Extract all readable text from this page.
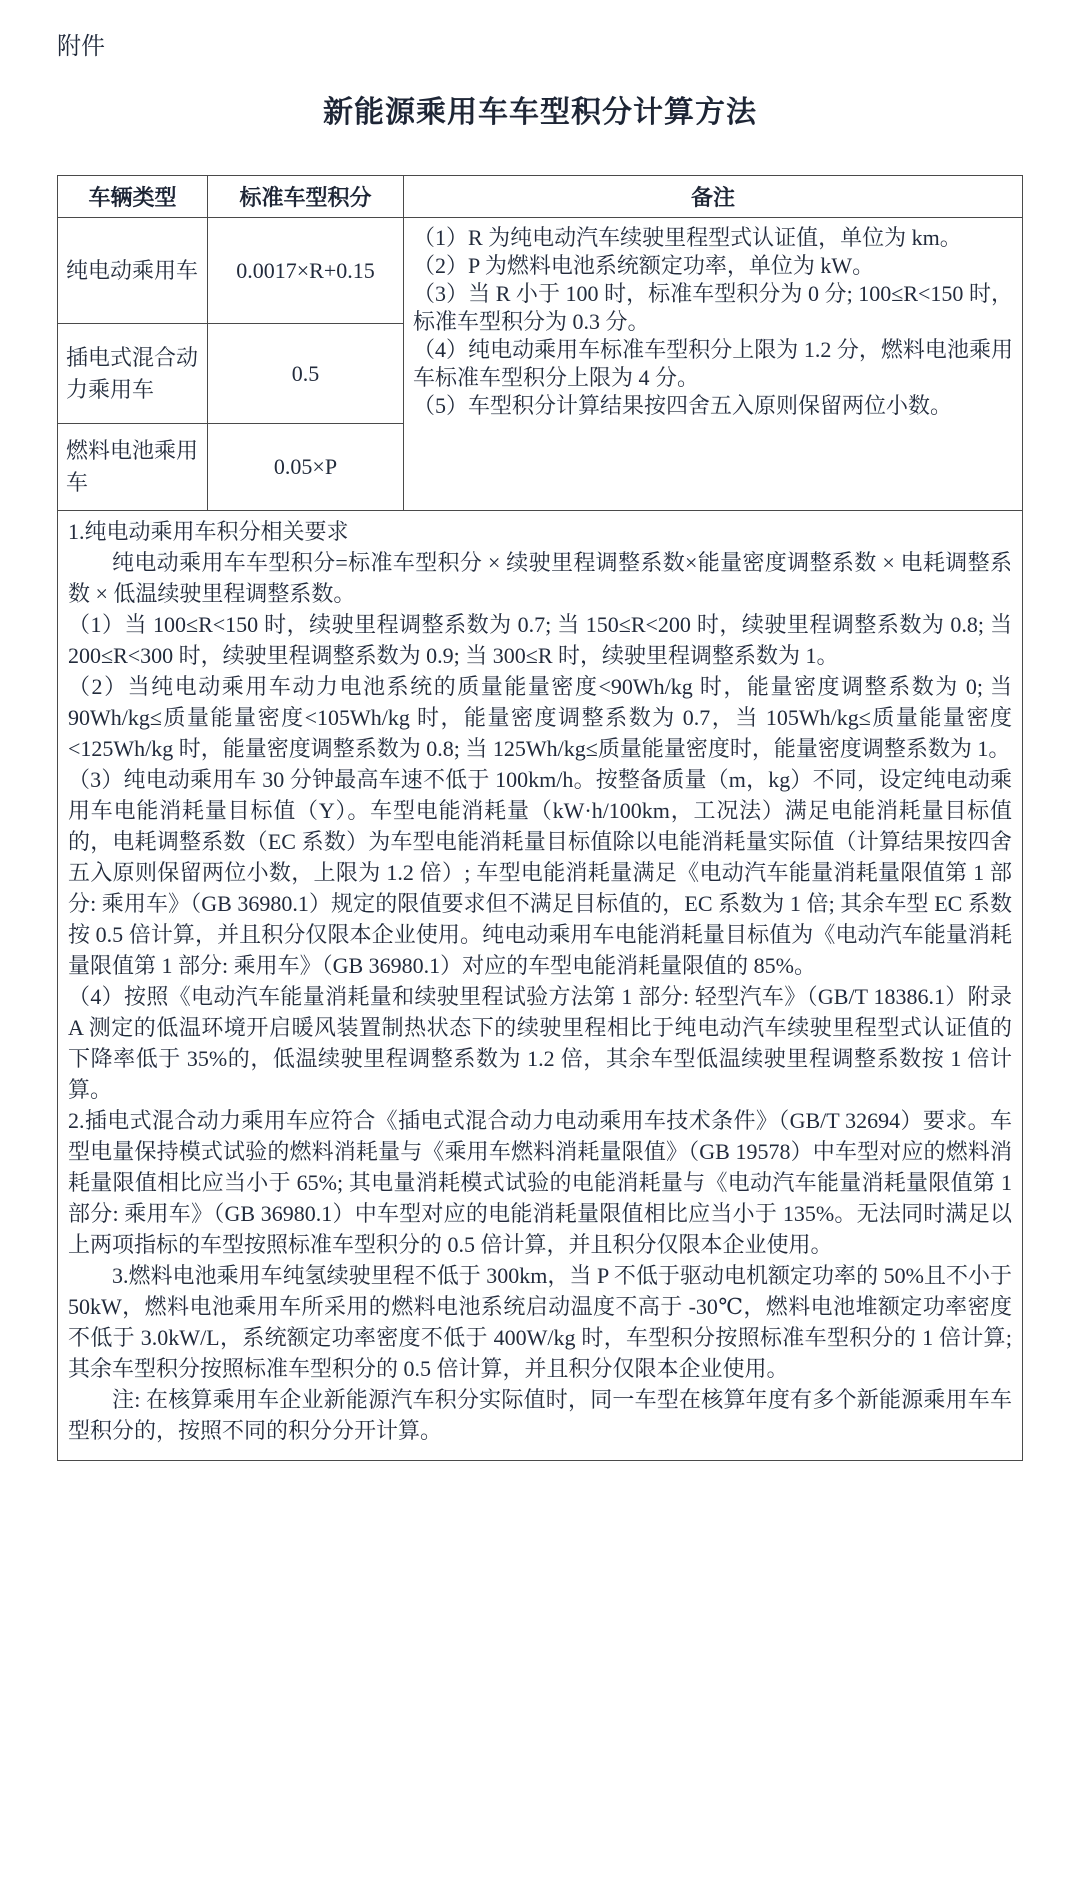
附件
新能源乘用车车型积分计算方法
车辆类型	标准车型积分	备注
纯电动乘用车	0.0017×R+0.15	（1）R 为纯电动汽车续驶里程型式认证值，单位为 km。

（2）P 为燃料电池系统额定功率，单位为 kW。

（3）当 R 小于 100 时，标准车型积分为 0 分; 100≤R<150 时，标准车型积分为 0.3 分。

（4）纯电动乘用车标准车型积分上限为 1.2 分，燃料电池乘用车标准车型积分上限为 4 分。

（5）车型积分计算结果按四舍五入原则保留两位小数。

插电式混合动力乘用车	0.5	
燃料电池乘用车	0.05×P	

1.纯电动乘用车积分相关要求

纯电动乘用车车型积分=标准车型积分 × 续驶里程调整系数×能量密度调整系数 × 电耗调整系数 × 低温续驶里程调整系数。

（1）当 100≤R<150 时，续驶里程调整系数为 0.7; 当 150≤R<200 时，续驶里程调整系数为 0.8; 当 200≤R<300 时，续驶里程调整系数为 0.9; 当 300≤R 时，续驶里程调整系数为 1。

（2）当纯电动乘用车动力电池系统的质量能量密度<90Wh/kg 时，能量密度调整系数为 0; 当 90Wh/kg≤质量能量密度<105Wh/kg 时，能量密度调整系数为 0.7，当 105Wh/kg≤质量能量密度<125Wh/kg 时，能量密度调整系数为 0.8; 当 125Wh/kg≤质量能量密度时，能量密度调整系数为 1。

（3）纯电动乘用车 30 分钟最高车速不低于 100km/h。按整备质量（m，kg）不同，设定纯电动乘用车电能消耗量目标值（Y）。车型电能消耗量（kW·h/100km，工况法）满足电能消耗量目标值的，电耗调整系数（EC 系数）为车型电能消耗量目标值除以电能消耗量实际值（计算结果按四舍五入原则保留两位小数，上限为 1.2 倍）; 车型电能消耗量满足《电动汽车能量消耗量限值第 1 部分: 乘用车》（GB 36980.1）规定的限值要求但不满足目标值的，EC 系数为 1 倍; 其余车型 EC 系数按 0.5 倍计算，并且积分仅限本企业使用。纯电动乘用车电能消耗量目标值为《电动汽车能量消耗量限值第 1 部分: 乘用车》（GB 36980.1）对应的车型电能消耗量限值的 85%。

（4）按照《电动汽车能量消耗量和续驶里程试验方法第 1 部分: 轻型汽车》（GB/T 18386.1）附录 A 测定的低温环境开启暖风装置制热状态下的续驶里程相比于纯电动汽车续驶里程型式认证值的下降率低于 35%的，低温续驶里程调整系数为 1.2 倍，其余车型低温续驶里程调整系数按 1 倍计算。

2.插电式混合动力乘用车应符合《插电式混合动力电动乘用车技术条件》（GB/T 32694）要求。车型电量保持模式试验的燃料消耗量与《乘用车燃料消耗量限值》（GB 19578）中车型对应的燃料消耗量限值相比应当小于 65%; 其电量消耗模式试验的电能消耗量与《电动汽车能量消耗量限值第 1 部分: 乘用车》（GB 36980.1）中车型对应的电能消耗量限值相比应当小于 135%。无法同时满足以上两项指标的车型按照标准车型积分的 0.5 倍计算，并且积分仅限本企业使用。

3.燃料电池乘用车纯氢续驶里程不低于 300km，当 P 不低于驱动电机额定功率的 50%且不小于 50kW，燃料电池乘用车所采用的燃料电池系统启动温度不高于 -30℃，燃料电池堆额定功率密度不低于 3.0kW/L，系统额定功率密度不低于 400W/kg 时，车型积分按照标准车型积分的 1 倍计算; 其余车型积分按照标准车型积分的 0.5 倍计算，并且积分仅限本企业使用。

注: 在核算乘用车企业新能源汽车积分实际值时，同一车型在核算年度有多个新能源乘用车车型积分的，按照不同的积分分开计算。
